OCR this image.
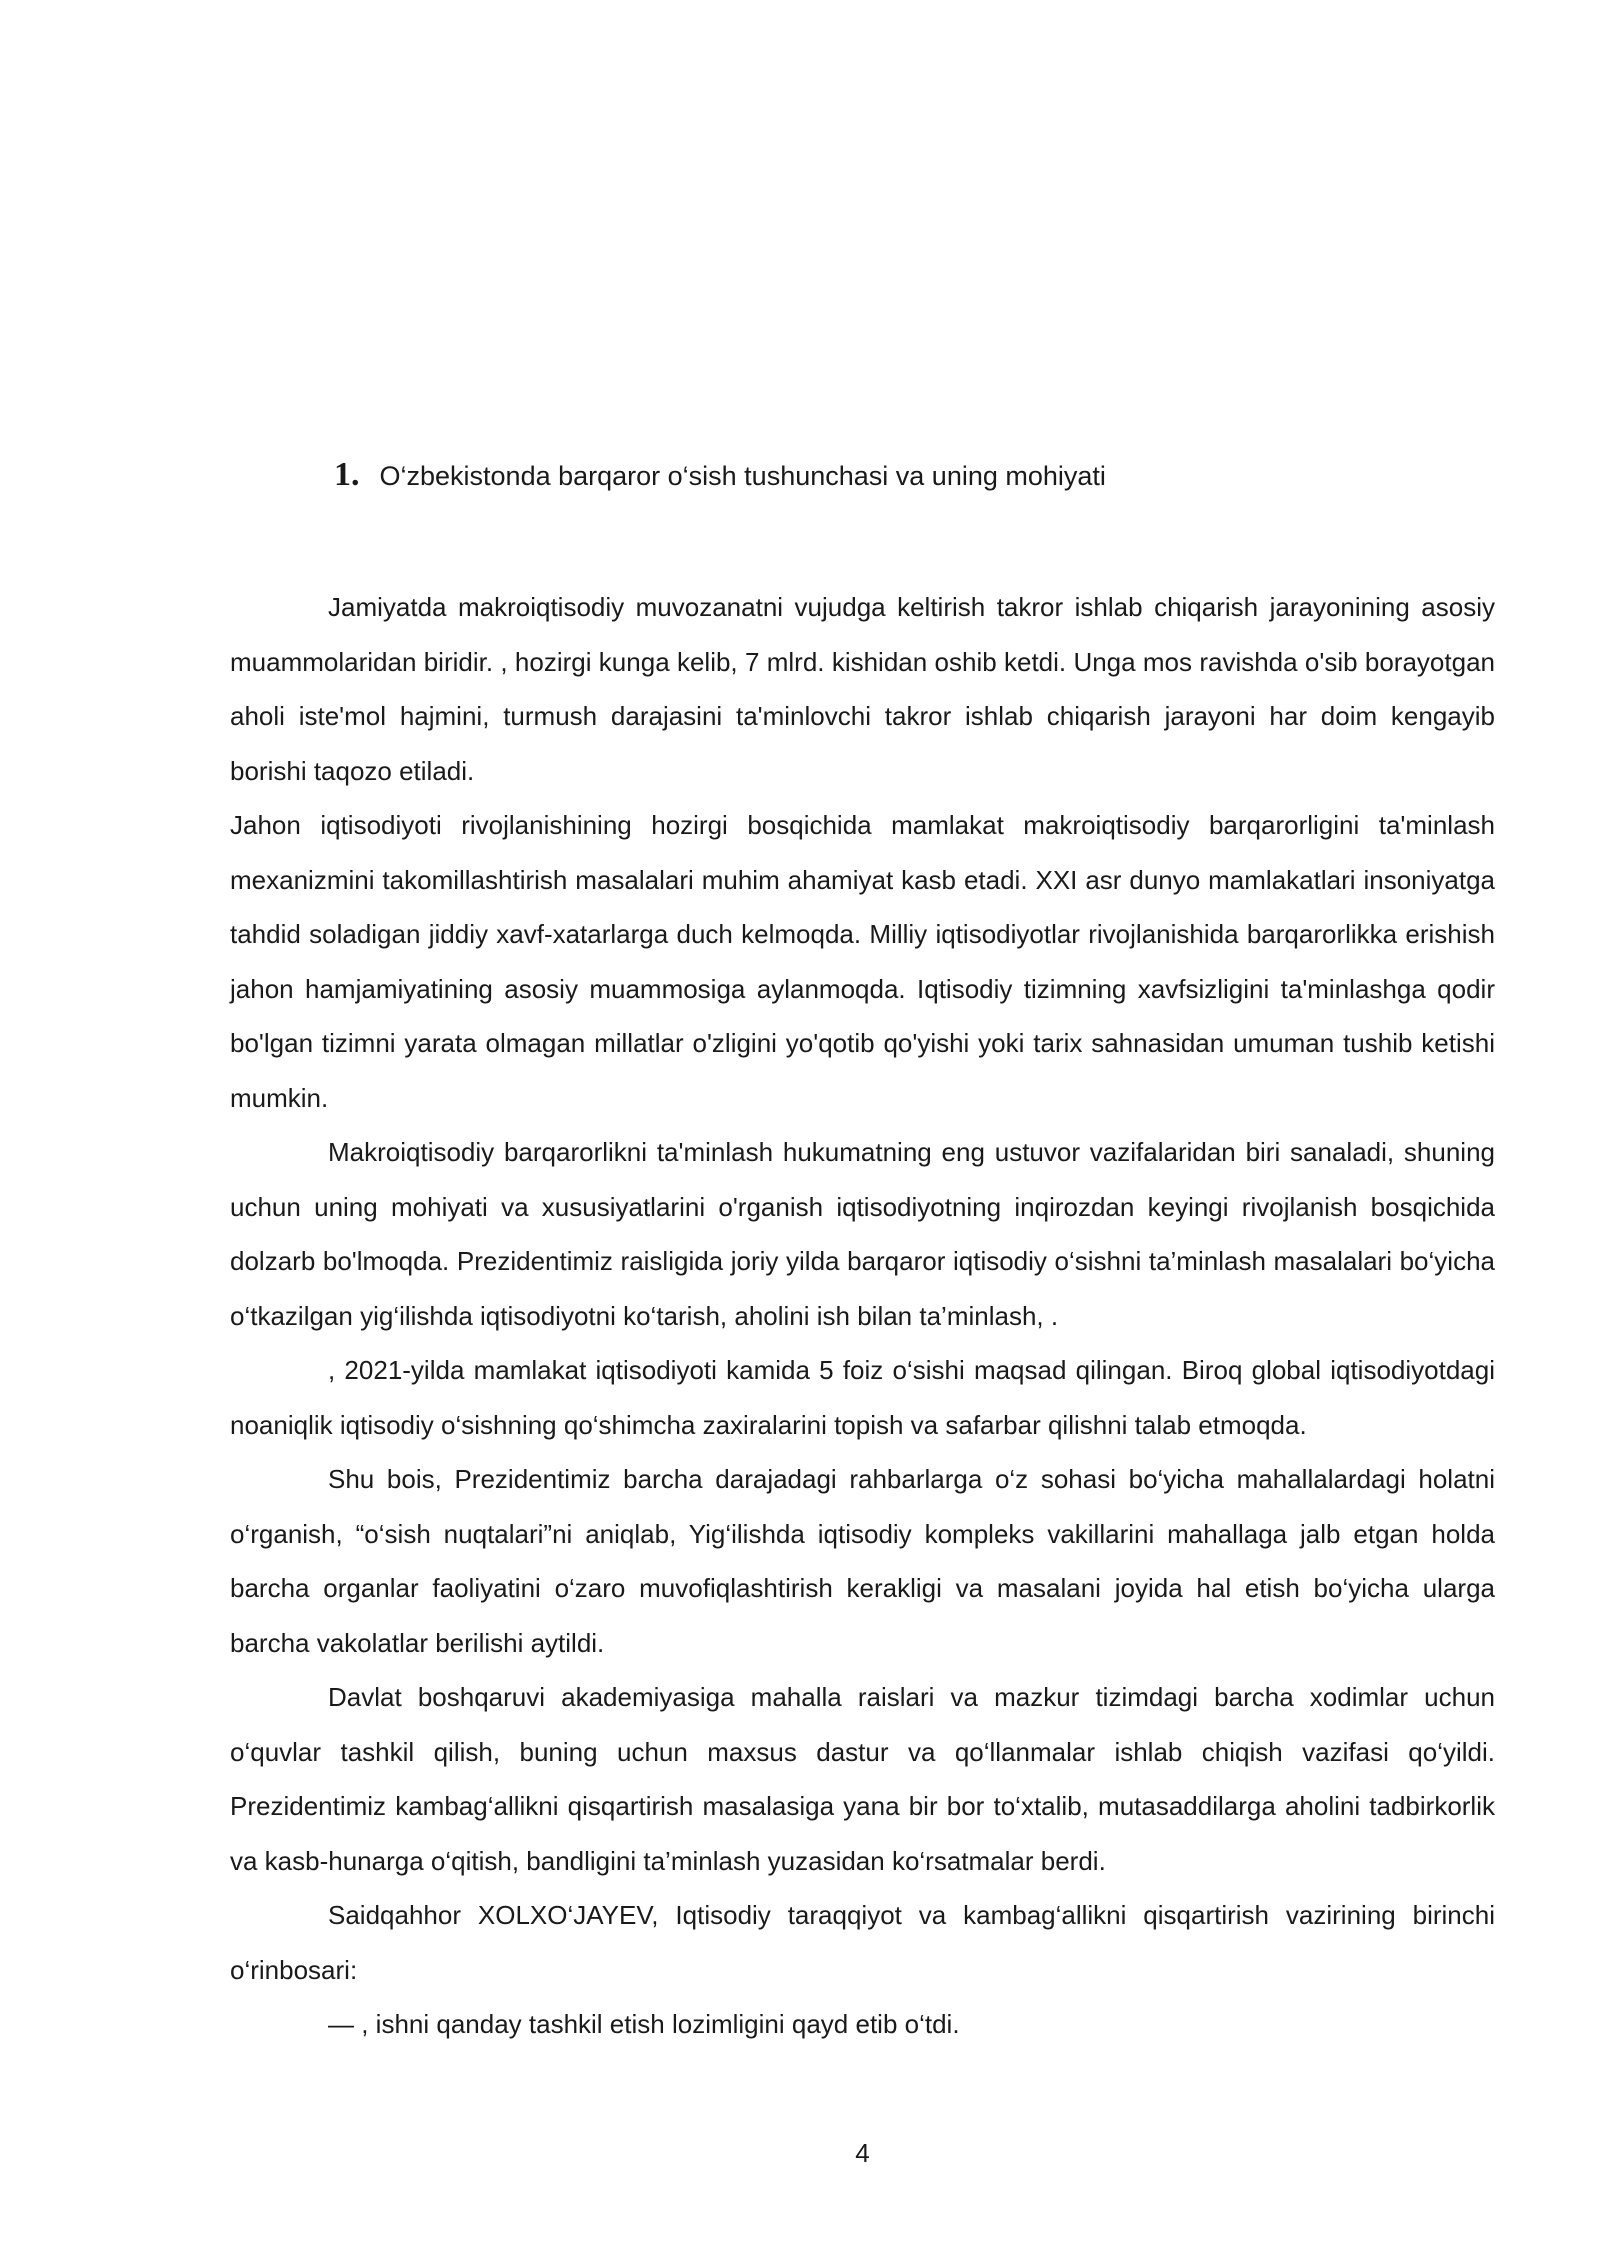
1. O‘zbekistonda barqaror o‘sish tushunchasi va uning mohiyati

Jamiyatda makroiqtisodiy muvozanatni vujudga keltirish takror ishlab chiqarish jarayonining asosiy muammolaridan biridir. , hozirgi kunga kelib, 7 mlrd. kishidan oshib ketdi. Unga mos ravishda o'sib borayotgan aholi iste'mol hajmini, turmush darajasini ta'minlovchi takror ishlab chiqarish jarayoni har doim kengayib borishi taqozo etiladi.

Jahon iqtisodiyoti rivojlanishining hozirgi bosqichida mamlakat makroiqtisodiy barqarorligini ta'minlash mexanizmini takomillashtirish masalalari muhim ahamiyat kasb etadi. XXI asr dunyo mamlakatlari insoniyatga tahdid soladigan jiddiy xavf-xatarlarga duch kelmoqda. Milliy iqtisodiyotlar rivojlanishida barqarorlikka erishish jahon hamjamiyatining asosiy muammosiga aylanmoqda. Iqtisodiy tizimning xavfsizligini ta'minlashga qodir bo'lgan tizimni yarata olmagan millatlar o'zligini yo'qotib qo'yishi yoki tarix sahnasidan umuman tushib ketishi mumkin.

Makroiqtisodiy barqarorlikni ta'minlash hukumatning eng ustuvor vazifalaridan biri sanaladi, shuning uchun uning mohiyati va xususiyatlarini o'rganish iqtisodiyotning inqirozdan keyingi rivojlanish bosqichida dolzarb bo'lmoqda. Prezidentimiz raisligida joriy yilda barqaror iqtisodiy o‘sishni ta’minlash masalalari bo‘yicha o‘tkazilgan yig‘ilishda iqtisodiyotni ko‘tarish, aholini ish bilan ta’minlash, .

, 2021-yilda mamlakat iqtisodiyoti kamida 5 foiz o‘sishi maqsad qilingan. Biroq global iqtisodiyotdagi noaniqlik iqtisodiy o‘sishning qo‘shimcha zaxiralarini topish va safarbar qilishni talab etmoqda.

Shu bois, Prezidentimiz barcha darajadagi rahbarlarga o‘z sohasi bo‘yicha mahallalardagi holatni o‘rganish, “o‘sish nuqtalari”ni aniqlab, Yig‘ilishda iqtisodiy kompleks vakillarini mahallaga jalb etgan holda barcha organlar faoliyatini o‘zaro muvofiqlashtirish kerakligi va masalani joyida hal etish bo‘yicha ularga barcha vakolatlar berilishi aytildi.

Davlat boshqaruvi akademiyasiga mahalla raislari va mazkur tizimdagi barcha xodimlar uchun o‘quvlar tashkil qilish, buning uchun maxsus dastur va qo‘llanmalar ishlab chiqish vazifasi qo‘yildi. Prezidentimiz kambag‘allikni qisqartirish masalasiga yana bir bor to‘xtalib, mutasaddilarga aholini tadbirkorlik va kasb-hunarga o‘qitish, bandligini ta’minlash yuzasidan ko‘rsatmalar berdi.

Saidqahhor XOLXO‘JAYEV, Iqtisodiy taraqqiyot va kambag‘allikni qisqartirish vazirining birinchi o‘rinbosari:

— , ishni qanday tashkil etish lozimligini qayd etib o‘tdi.

4
